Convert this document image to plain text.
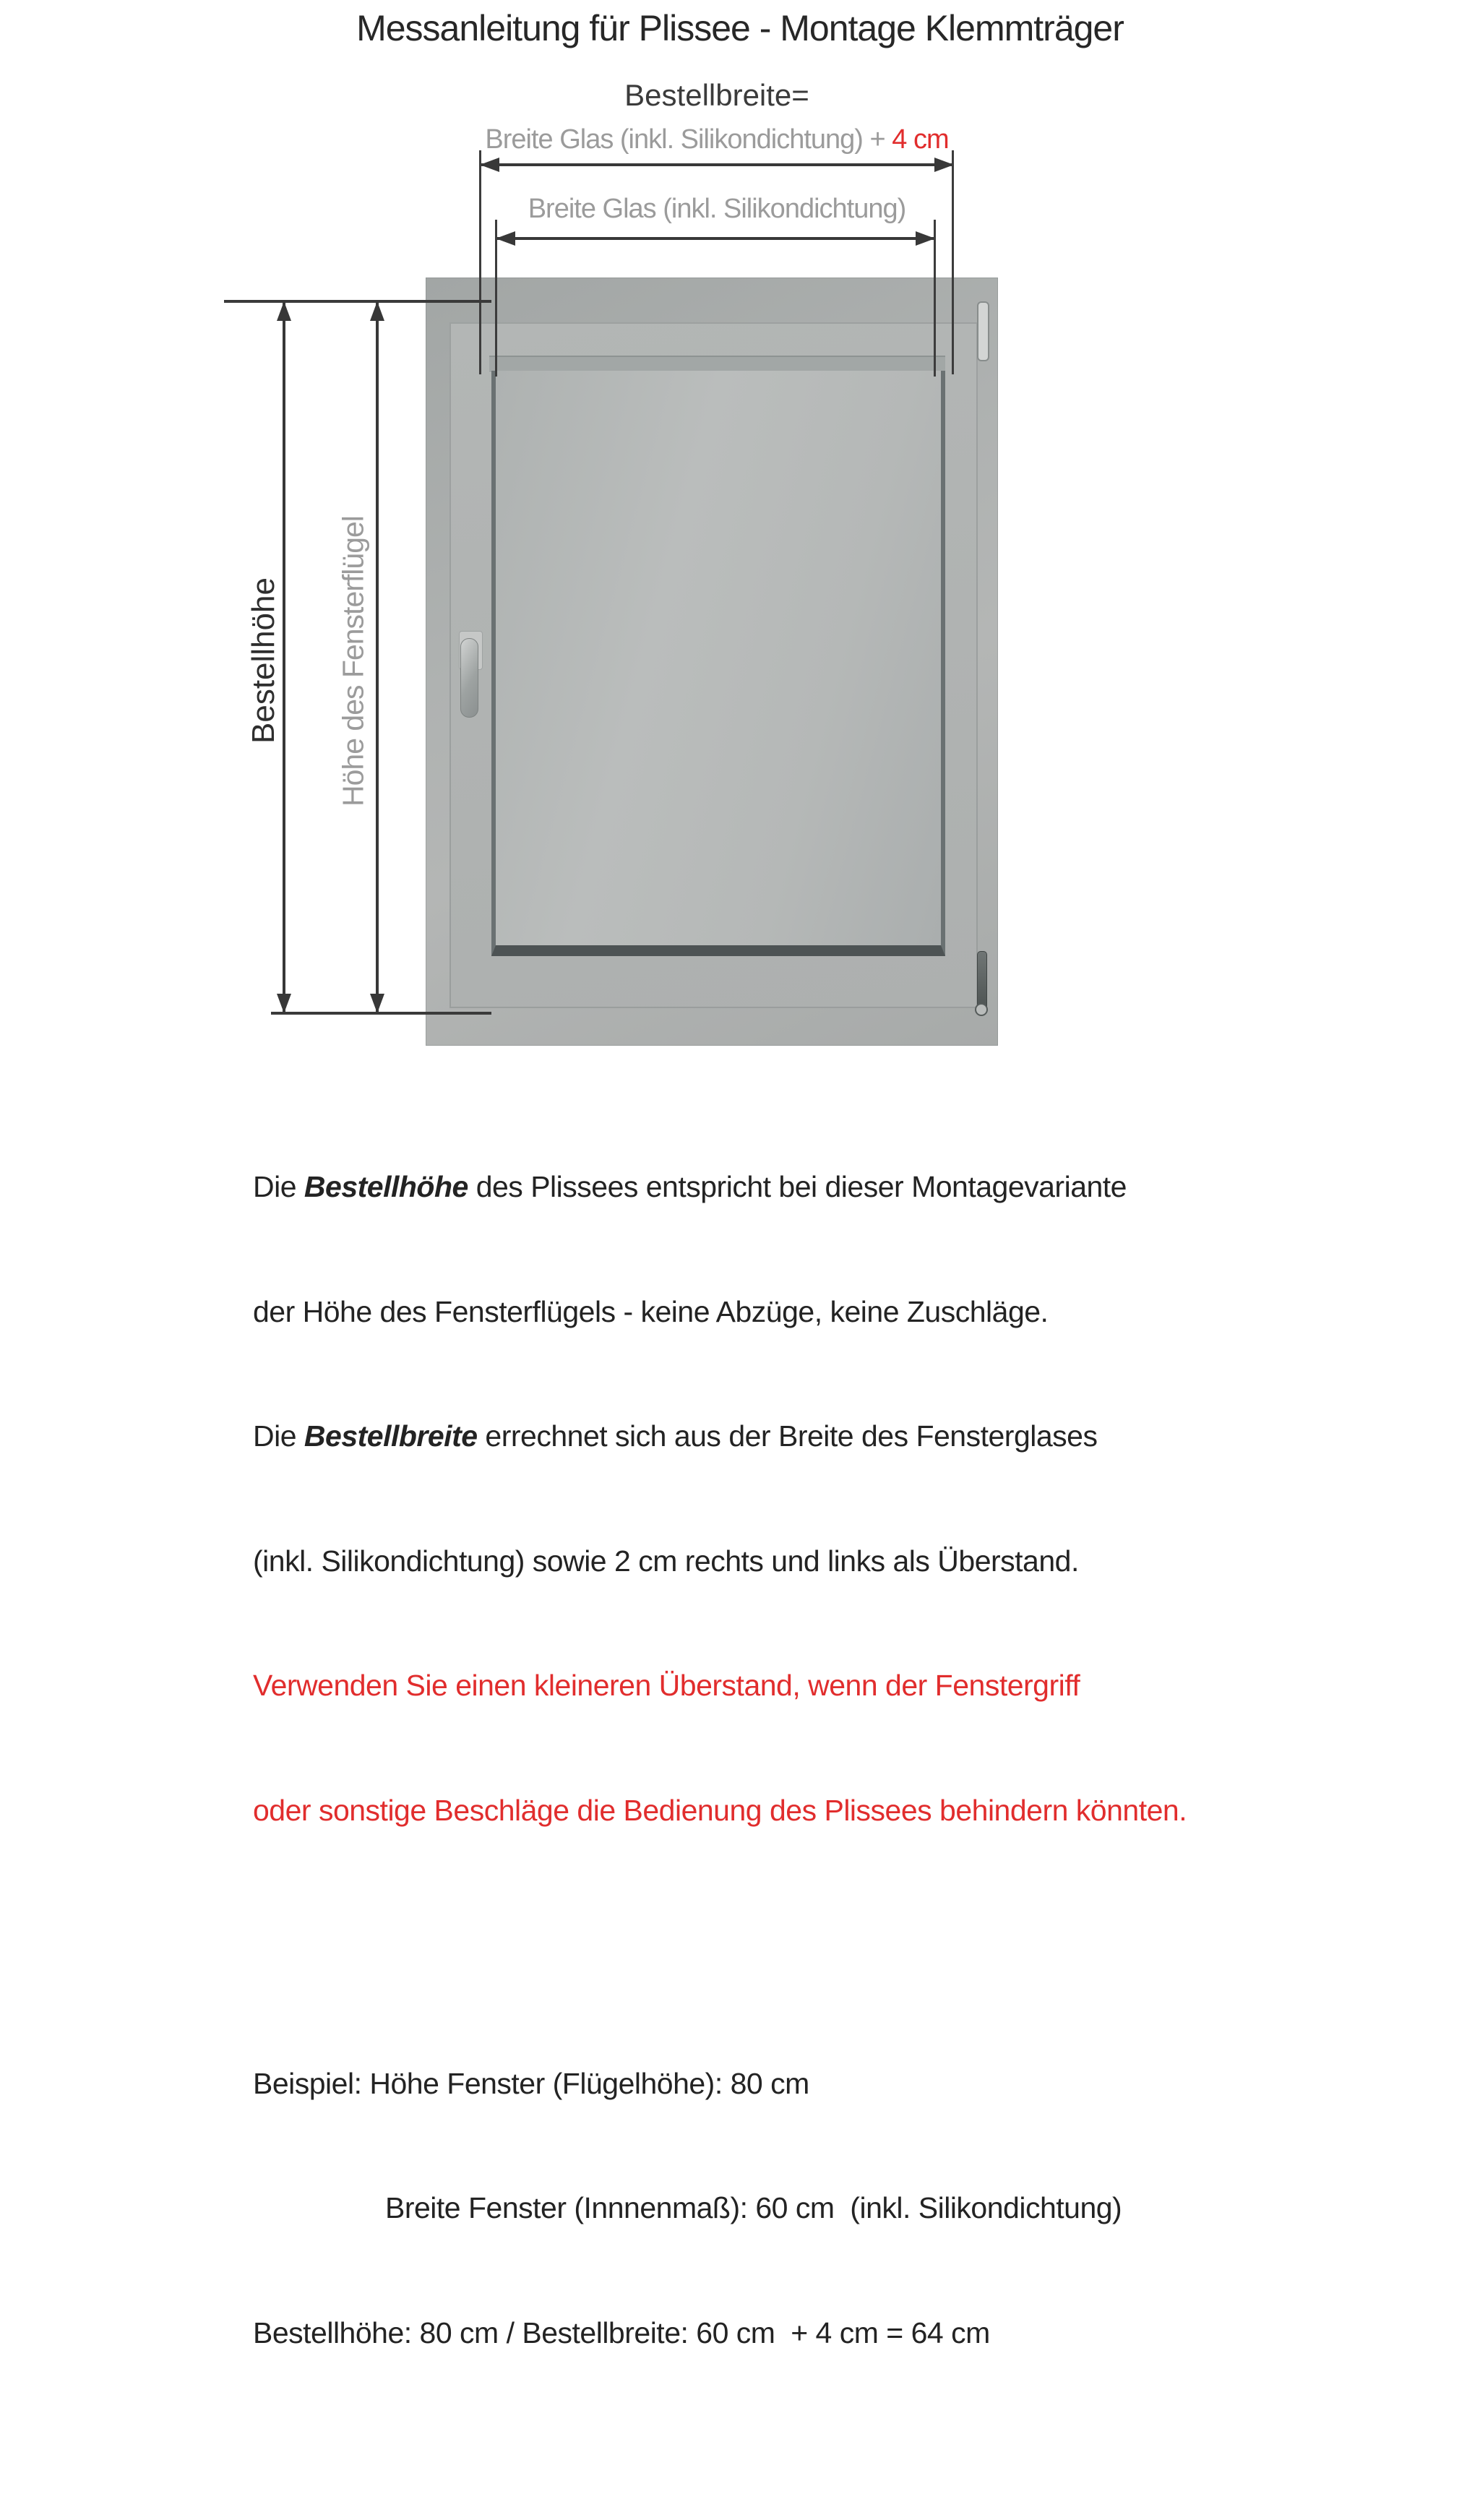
Messanleitung für Plissee - Montage Klemmträger
Bestellbreite=
Breite Glas (inkl. Silikondichtung) + 4 cm
Breite Glas (inkl. Silikondichtung)
Bestellhöhe Höhe des Fensterflügel

Die Bestellhöhe des Plissees entspricht bei dieser Montagevariante

der Höhe des Fensterflügels - keine Abzüge, keine Zuschläge.

Die Bestellbreite errechnet sich aus der Breite des Fensterglases

(inkl. Silikondichtung) sowie 2 cm rechts und links als Überstand.

Verwenden Sie einen kleineren Überstand, wenn der Fenstergriff

oder sonstige Beschläge die Bedienung des Plissees behindern könnten.

Beispiel: Höhe Fenster (Flügelhöhe): 80 cm

Breite Fenster (Innnenmaß): 60 cm  (inkl. Silikondichtung)

Bestellhöhe: 80 cm / Bestellbreite: 60 cm  + 4 cm = 64 cm
